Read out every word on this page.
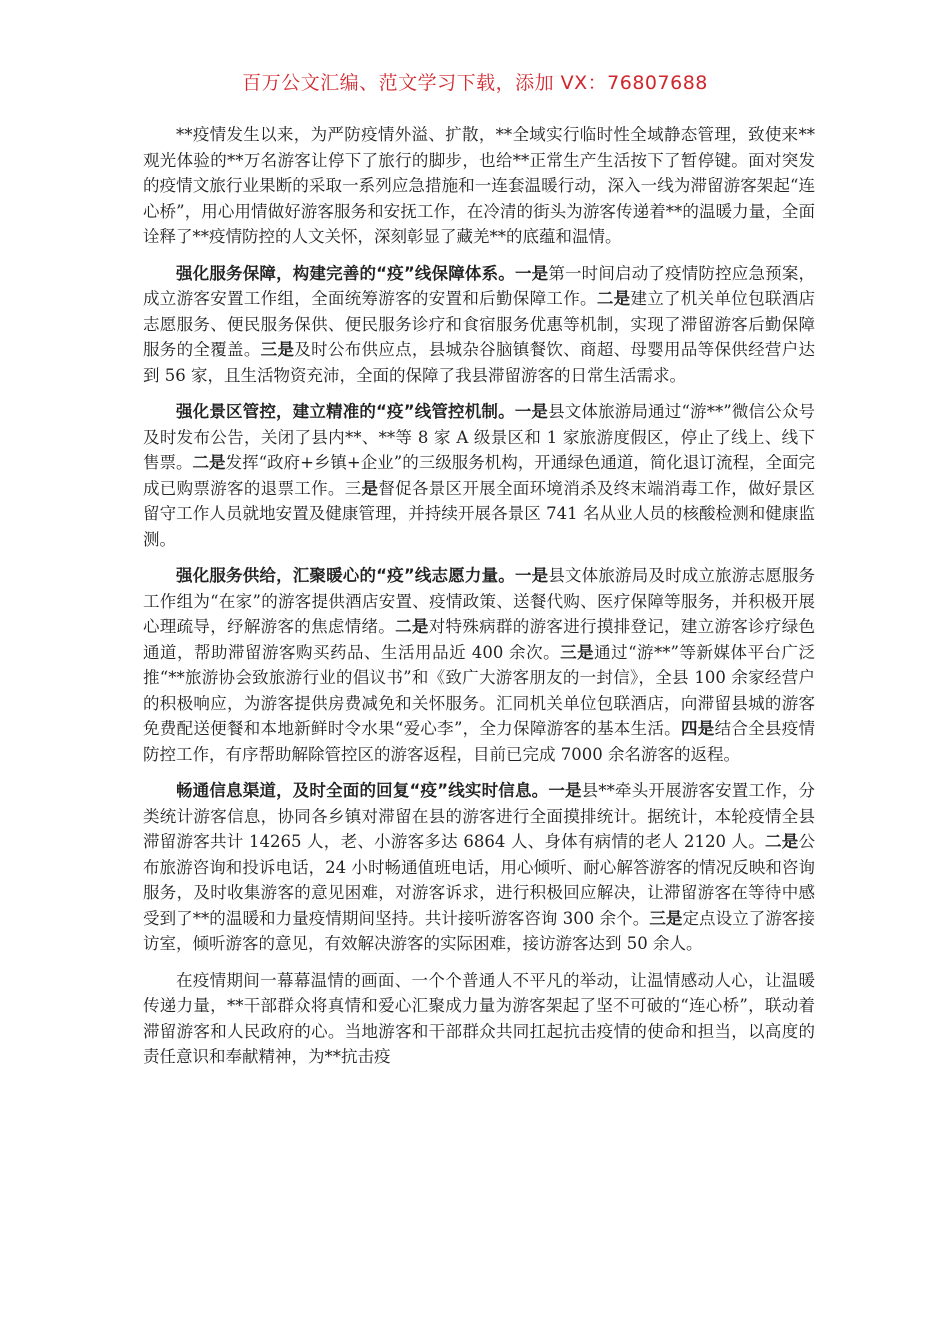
百万公文汇编、范文学习下载，添加 VX：76807688

**疫情发生以来，为严防疫情外溢、扩散，**全域实行临时性全域静态管理，致使来**观光体验的**万名游客让停下了旅行的脚步，也给**正常生产生活按下了暂停键。面对突发的疫情文旅行业果断的采取一系列应急措施和一连套温暖行动，深入一线为滞留游客架起“连心桥”，用心用情做好游客服务和安抚工作，在冷清的街头为游客传递着**的温暖力量，全面诠释了**疫情防控的人文关怀，深刻彰显了藏羌**的底蕴和温情。

强化服务保障，构建完善的“疫”线保障体系。一是第一时间启动了疫情防控应急预案，成立游客安置工作组，全面统筹游客的安置和后勤保障工作。二是建立了机关单位包联酒店志愿服务、便民服务保供、便民服务诊疗和食宿服务优惠等机制，实现了滞留游客后勤保障服务的全覆盖。三是及时公布供应点，县城杂谷脑镇餐饮、商超、母婴用品等保供经营户达到 56 家，且生活物资充沛，全面的保障了我县滞留游客的日常生活需求。

强化景区管控，建立精准的“疫”线管控机制。一是县文体旅游局通过“游**”微信公众号及时发布公告，关闭了县内**、**等 8 家 A 级景区和 1 家旅游度假区，停止了线上、线下售票。二是发挥“政府+乡镇+企业”的三级服务机构，开通绿色通道，简化退订流程，全面完成已购票游客的退票工作。三是督促各景区开展全面环境消杀及终末端消毒工作，做好景区留守工作人员就地安置及健康管理，并持续开展各景区 741 名从业人员的核酸检测和健康监测。

强化服务供给，汇聚暖心的“疫”线志愿力量。一是县文体旅游局及时成立旅游志愿服务工作组为“在家”的游客提供酒店安置、疫情政策、送餐代购、医疗保障等服务，并积极开展心理疏导，纾解游客的焦虑情绪。二是对特殊病群的游客进行摸排登记，建立游客诊疗绿色通道，帮助滞留游客购买药品、生活用品近 400 余次。三是通过“游**”等新媒体平台广泛推“**旅游协会致旅游行业的倡议书”和《致广大游客朋友的一封信》，全县 100 余家经营户的积极响应，为游客提供房费减免和关怀服务。汇同机关单位包联酒店，向滞留县城的游客免费配送便餐和本地新鲜时令水果“爱心李”，全力保障游客的基本生活。四是结合全县疫情防控工作，有序帮助解除管控区的游客返程，目前已完成 7000 余名游客的返程。

畅通信息渠道，及时全面的回复“疫”线实时信息。一是县**牵头开展游客安置工作，分类统计游客信息，协同各乡镇对滞留在县的游客进行全面摸排统计。据统计，本轮疫情全县滞留游客共计 14265 人，老、小游客多达 6864 人、身体有病情的老人 2120 人。二是公布旅游咨询和投诉电话，24 小时畅通值班电话，用心倾听、耐心解答游客的情况反映和咨询服务，及时收集游客的意见困难，对游客诉求，进行积极回应解决，让滞留游客在等待中感受到了**的温暖和力量疫情期间坚持。共计接听游客咨询 300 余个。三是定点设立了游客接访室，倾听游客的意见，有效解决游客的实际困难，接访游客达到 50 余人。

在疫情期间一幕幕温情的画面、一个个普通人不平凡的举动，让温情感动人心，让温暖传递力量，**干部群众将真情和爱心汇聚成力量为游客架起了坚不可破的“连心桥”，联动着滞留游客和人民政府的心。当地游客和干部群众共同扛起抗击疫情的使命和担当，以高度的责任意识和奉献精神，为**抗击疫
